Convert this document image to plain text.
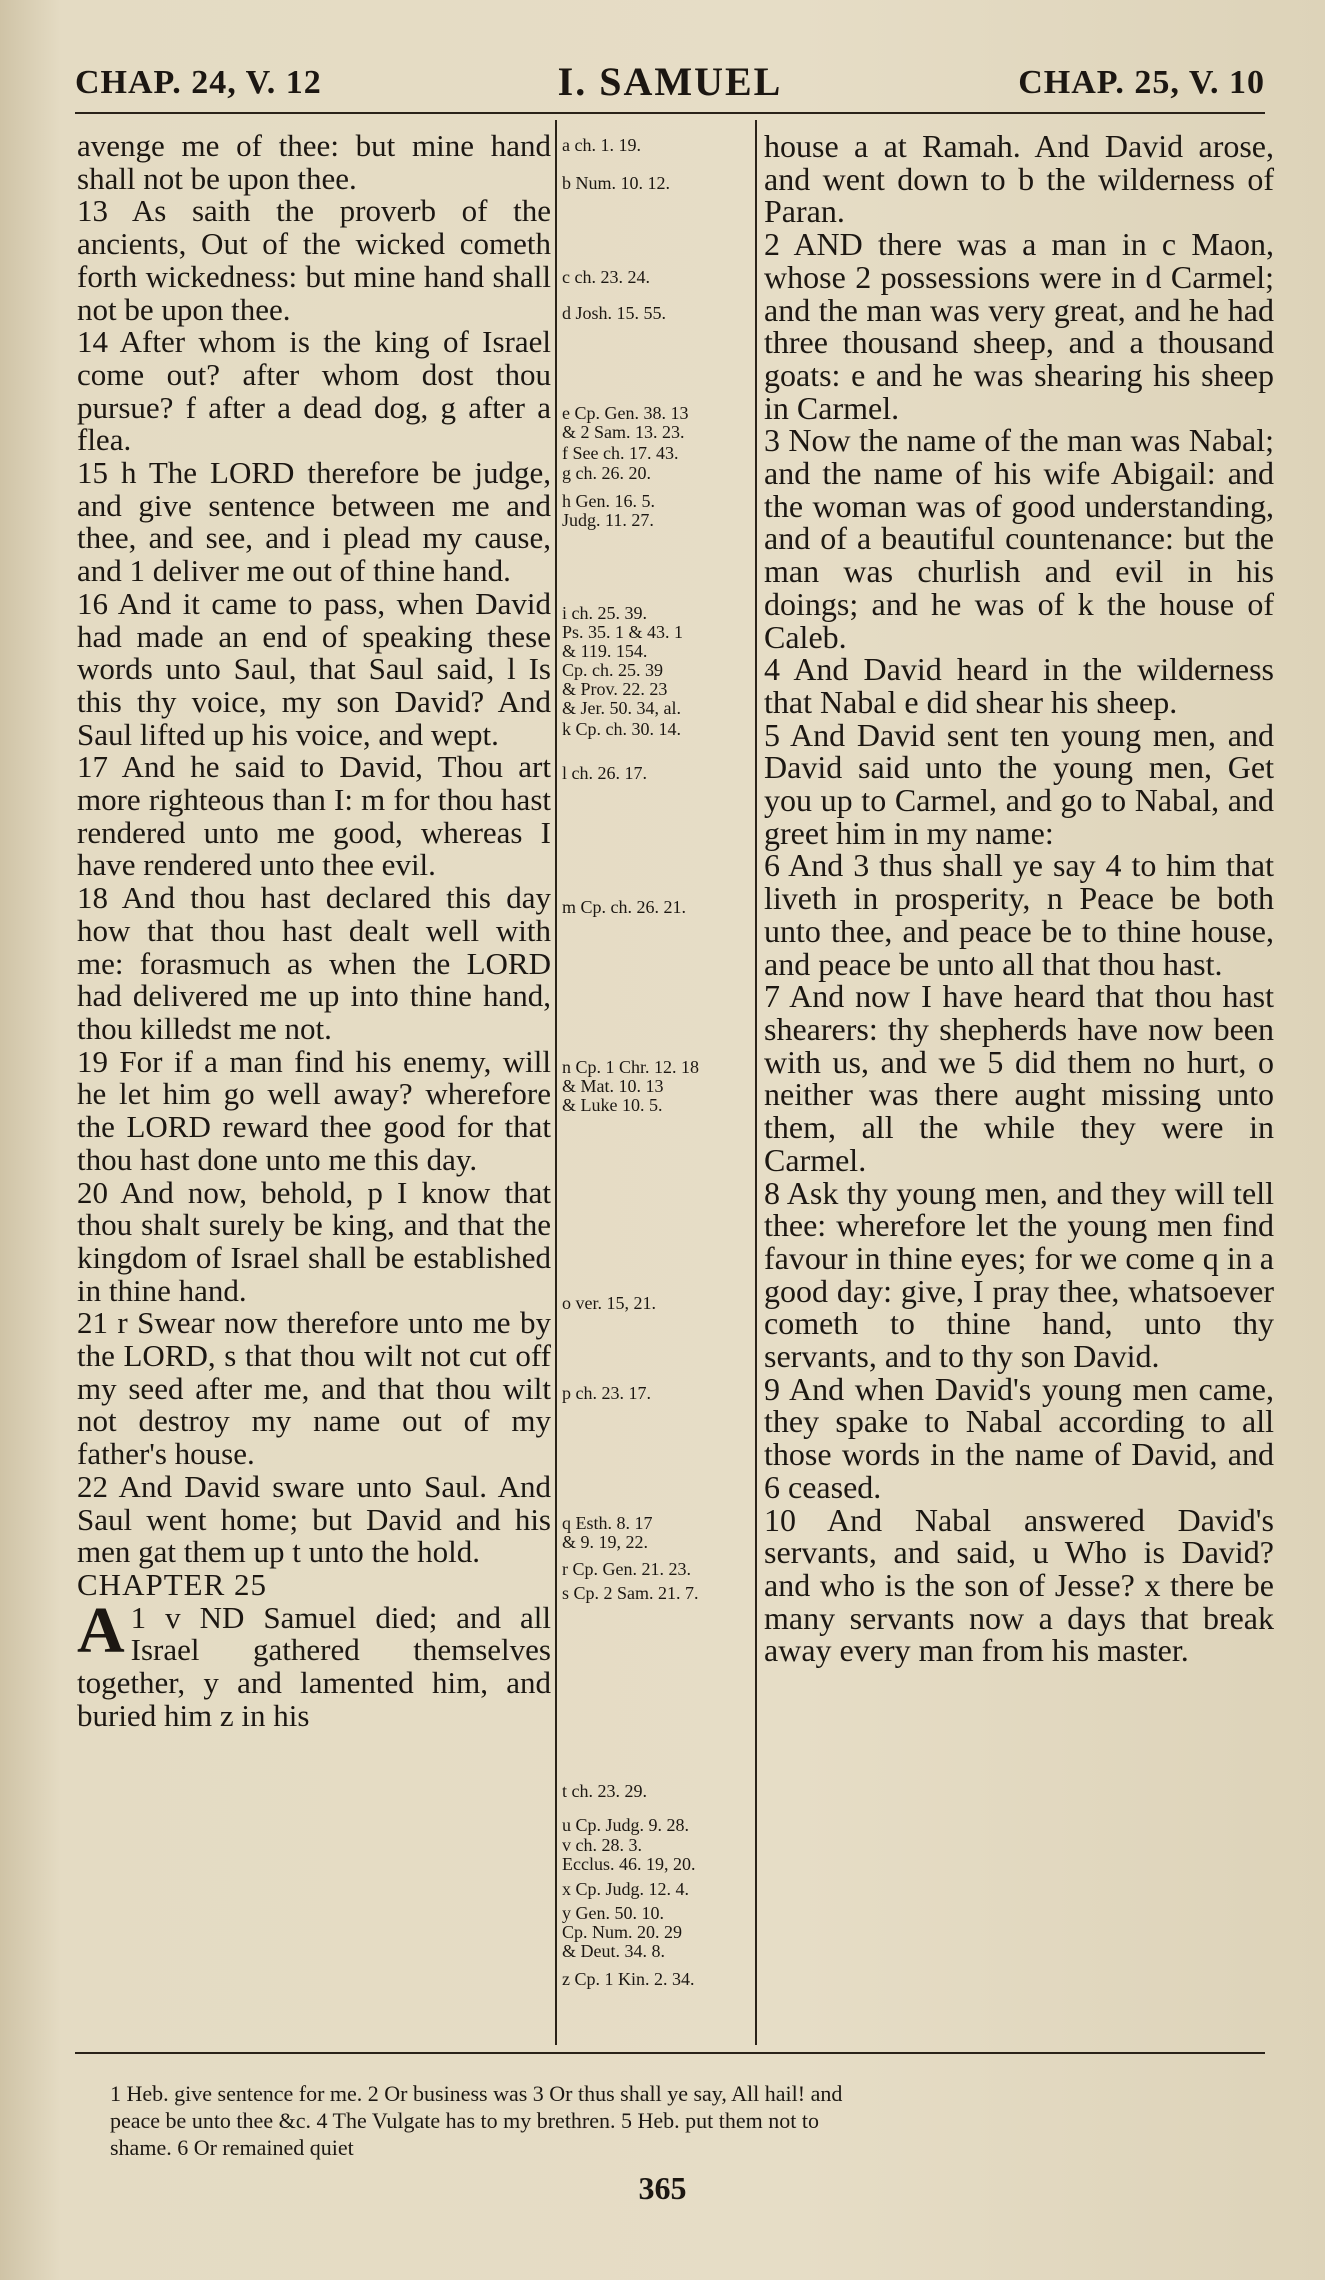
CHAP. 24, V. 12	I. SAMUEL	CHAP. 25, V. 10

avenge me of thee: but mine hand shall not be upon thee.

13 As saith the proverb of the ancients, Out of the wicked cometh forth wickedness: but mine hand shall not be upon thee.

14 After whom is the king of Israel come out? after whom dost thou pursue? f after a dead dog, g after a flea.

15 h The LORD therefore be judge, and give sentence between me and thee, and see, and i plead my cause, and 1 deliver me out of thine hand.

16 And it came to pass, when David had made an end of speaking these words unto Saul, that Saul said, l Is this thy voice, my son David? And Saul lifted up his voice, and wept.

17 And he said to David, Thou art more righteous than I: m for thou hast rendered unto me good, whereas I have rendered unto thee evil.

18 And thou hast declared this day how that thou hast dealt well with me: forasmuch as when the LORD had delivered me up into thine hand, thou killedst me not.

19 For if a man find his enemy, will he let him go well away? wherefore the LORD reward thee good for that thou hast done unto me this day.

20 And now, behold, p I know that thou shalt surely be king, and that the kingdom of Israel shall be established in thine hand.

21 r Swear now therefore unto me by the LORD, s that thou wilt not cut off my seed after me, and that thou wilt not destroy my name out of my father's house.

22 And David sware unto Saul. And Saul went home; but David and his men gat them up t unto the hold.

CHAPTER 25

1 v
A ND Samuel died; and all Israel gathered themselves together, y and lamented him, and buried him z in his

a ch. 1. 19.
b Num. 10. 12.
c ch. 23. 24.
d Josh. 15. 55.
e Cp. Gen. 38. 13
& 2 Sam. 13. 23.
f See ch. 17. 43.
g ch. 26. 20.
h Gen. 16. 5.
Judg. 11. 27.
i ch. 25. 39.
Ps. 35. 1 & 43. 1
& 119. 154.
Cp. ch. 25. 39
& Prov. 22. 23
& Jer. 50. 34, al.
k Cp. ch. 30. 14.
l ch. 26. 17.
m Cp. ch. 26. 21.
n Cp. 1 Chr. 12. 18
& Mat. 10. 13
& Luke 10. 5.
o ver. 15, 21.
p ch. 23. 17.
q Esth. 8. 17
& 9. 19, 22.
r Cp. Gen. 21. 23.
s Cp. 2 Sam. 21. 7.
t ch. 23. 29.
u Cp. Judg. 9. 28.
v ch. 28. 3.
Ecclus. 46. 19, 20.
x Cp. Judg. 12. 4.
y Gen. 50. 10.
Cp. Num. 20. 29
& Deut. 34. 8.
z Cp. 1 Kin. 2. 34.

house a at Ramah. And David arose, and went down to b the wilderness of Paran.

2 AND there was a man in c Maon, whose 2 possessions were in d Carmel; and the man was very great, and he had three thousand sheep, and a thousand goats: e and he was shearing his sheep in Carmel.

3 Now the name of the man was Nabal; and the name of his wife Abigail: and the woman was of good understanding, and of a beautiful countenance: but the man was churlish and evil in his doings; and he was of k the house of Caleb.

4 And David heard in the wilderness that Nabal e did shear his sheep.

5 And David sent ten young men, and David said unto the young men, Get you up to Carmel, and go to Nabal, and greet him in my name:

6 And 3 thus shall ye say 4 to him that liveth in prosperity, n Peace be both unto thee, and peace be to thine house, and peace be unto all that thou hast.

7 And now I have heard that thou hast shearers: thy shepherds have now been with us, and we 5 did them no hurt, o neither was there aught missing unto them, all the while they were in Carmel.

8 Ask thy young men, and they will tell thee: wherefore let the young men find favour in thine eyes; for we come q in a good day: give, I pray thee, whatsoever cometh to thine hand, unto thy servants, and to thy son David.

9 And when David's young men came, they spake to Nabal according to all those words in the name of David, and 6 ceased.

10 And Nabal answered David's servants, and said, u Who is David? and who is the son of Jesse? x there be many servants now a days that break away every man from his master.

1 Heb. give sentence for me. 2 Or business was 3 Or thus shall ye say, All hail! and
peace be unto thee &c. 4 The Vulgate has to my brethren. 5 Heb. put them not to
shame. 6 Or remained quiet
365
